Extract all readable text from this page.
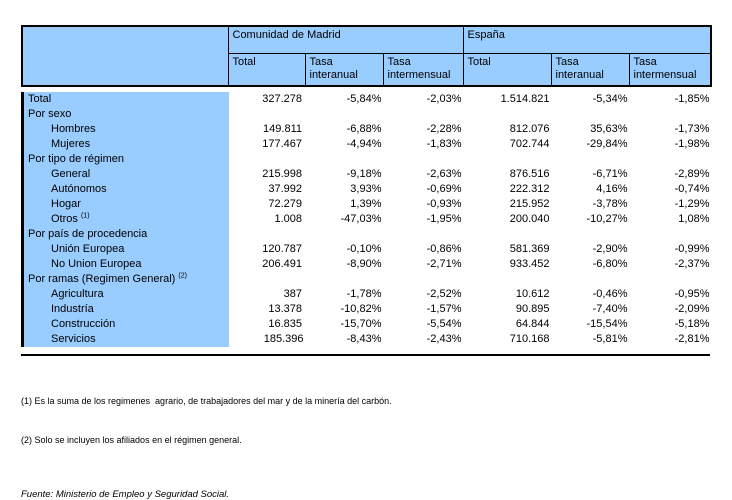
	Comunidad de Madrid			España		
	Total	Tasa interanual	Tasa intermensual	Total	Tasa interanual	Tasa intermensual
Total	327.278	-5,84%	-2,03%	1.514.821	-5,34%	-1,85%
Por sexo						
Hombres	149.811	-6,88%	-2,28%	812.076	35,63%	-1,73%
Mujeres	177.467	-4,94%	-1,83%	702.744	-29,84%	-1,98%
Por tipo de régimen						
General	215.998	-9,18%	-2,63%	876.516	-6,71%	-2,89%
Autónomos	37.992	3,93%	-0,69%	222.312	4,16%	-0,74%
Hogar	72.279	1,39%	-0,93%	215.952	-3,78%	-1,29%
Otros $^{(1)}$	1.008	-47,03%	-1,95%	200.040	-10,27%	1,08%
Por país de procedencia						
Unión Europea	120.787	-0,10%	-0,86%	581.369	-2,90%	-0,99%
No Union Europea	206.491	-8,90%	-2,71%	933.452	-6,80%	-2,37%
Por ramas (Regimen General) $^{(2)}$						
Agricultura	387	-1,78%	-2,52%	10.612	-0,46%	-0,95%
Industría	13.378	-10,82%	-1,57%	90.895	-7,40%	-2,09%
Construcción	16.835	-15,70%	-5,54%	64.844	-15,54%	-5,18%
Servicios	185.396	-8,43%	-2,43%	710.168	-5,81%	-2,81%

(1) Es la suma de los regimenes  agrario, de trabajadores del mar y de la minería del carbón.

(2) Solo se incluyen los afiliados en el régimen general.

Fuente: Ministerio de Empleo y Seguridad Social.
